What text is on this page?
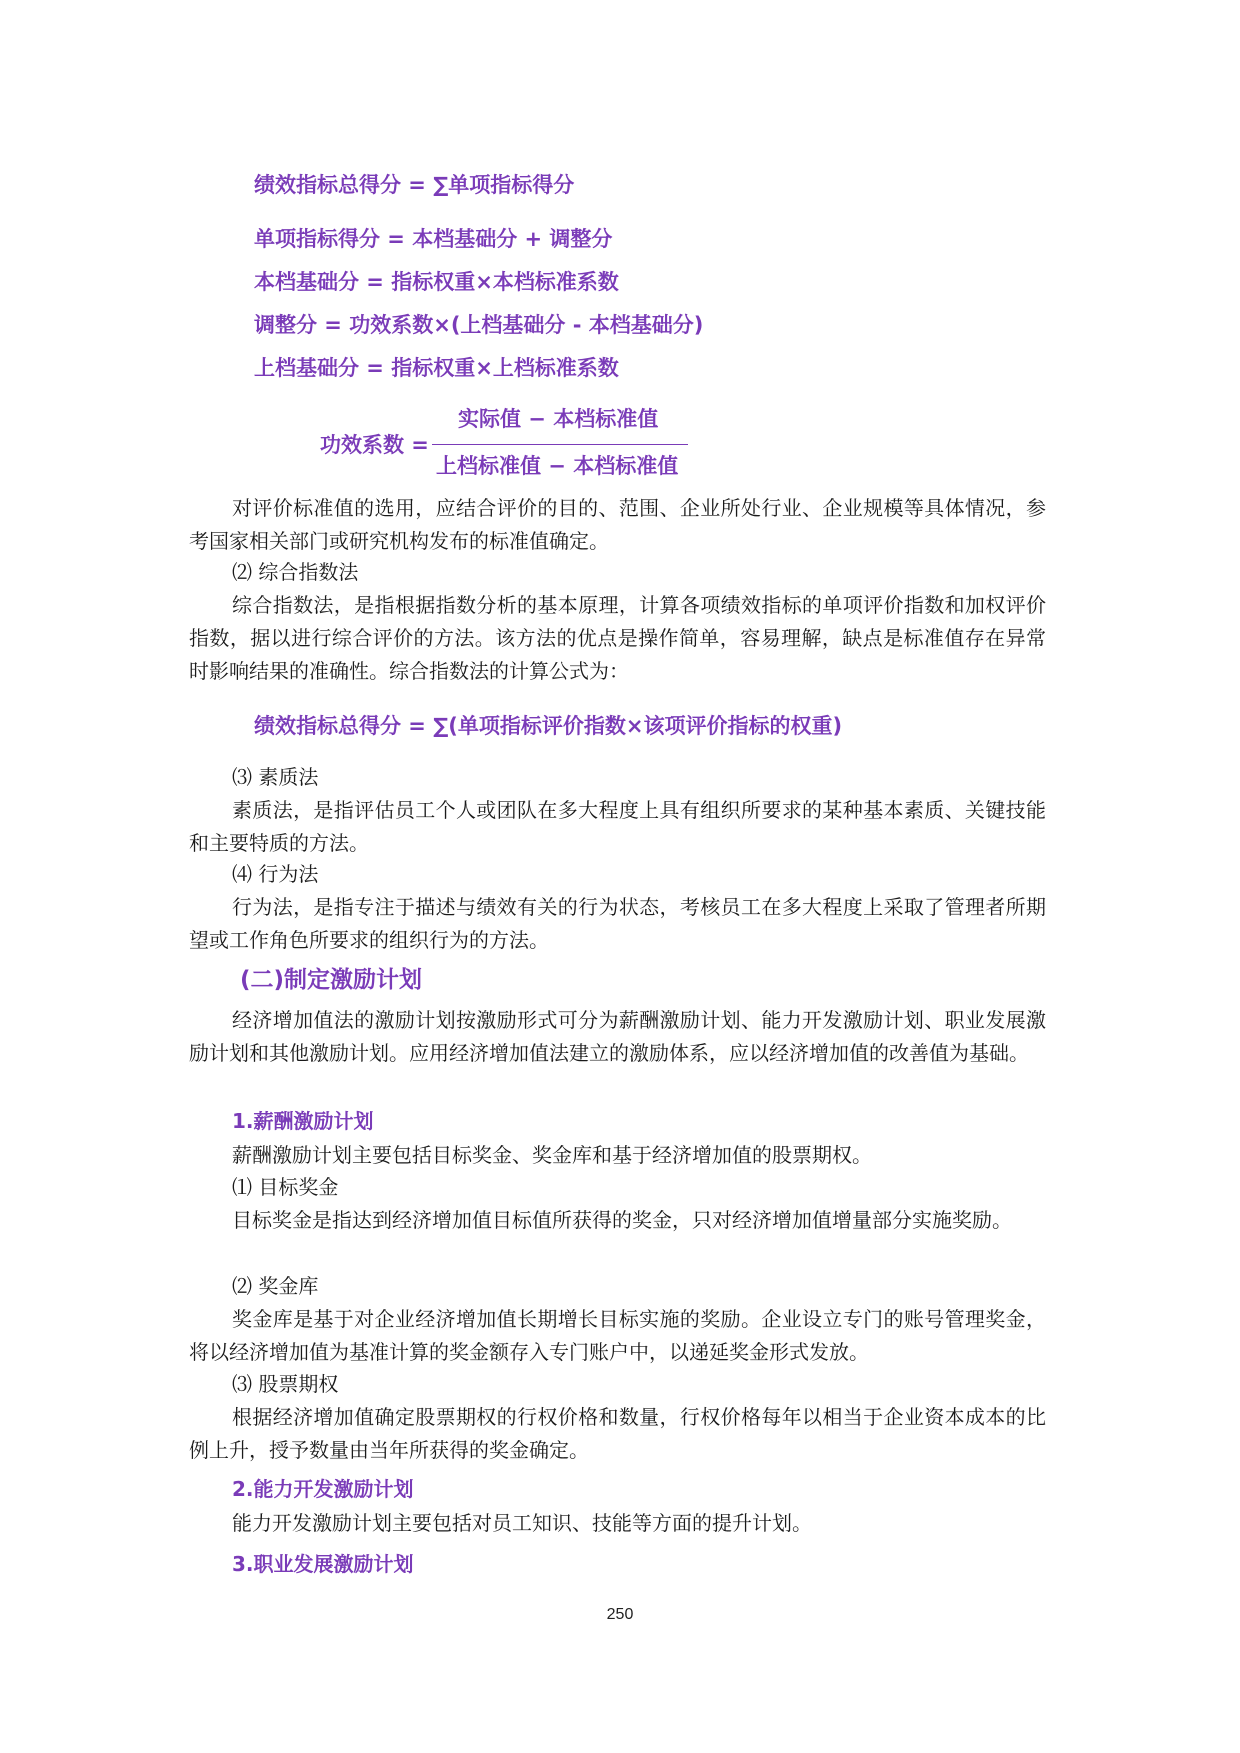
绩效指标总得分 = ∑单项指标得分
单项指标得分 = 本档基础分 + 调整分
本档基础分 = 指标权重×本档标准系数
调整分 = 功效系数×(上档基础分 - 本档基础分)
上档基础分 = 指标权重×上档标准系数
功效系数 =
实际值 − 本档标准值
上档标准值 − 本档标准值

对评价标准值的选用，应结合评价的目的、范围、企业所处行业、企业规模等具体情况，参考国家相关部门或研究机构发布的标准值确定。

⑵ 综合指数法

综合指数法，是指根据指数分析的基本原理，计算各项绩效指标的单项评价指数和加权评价指数，据以进行综合评价的方法。该方法的优点是操作简单，容易理解，缺点是标准值存在异常时影响结果的准确性。综合指数法的计算公式为：

绩效指标总得分 = ∑(单项指标评价指数×该项评价指标的权重)
⑶ 素质法

素质法，是指评估员工个人或团队在多大程度上具有组织所要求的某种基本素质、关键技能和主要特质的方法。

⑷ 行为法

行为法，是指专注于描述与绩效有关的行为状态，考核员工在多大程度上采取了管理者所期望或工作角色所要求的组织行为的方法。

(二)制定激励计划

经济增加值法的激励计划按激励形式可分为薪酬激励计划、能力开发激励计划、职业发展激励计划和其他激励计划。应用经济增加值法建立的激励体系，应以经济增加值的改善值为基础。

1.薪酬激励计划

薪酬激励计划主要包括目标奖金、奖金库和基于经济增加值的股票期权。

⑴ 目标奖金

目标奖金是指达到经济增加值目标值所获得的奖金，只对经济增加值增量部分实施奖励。

⑵ 奖金库

奖金库是基于对企业经济增加值长期增长目标实施的奖励。企业设立专门的账号管理奖金，将以经济增加值为基准计算的奖金额存入专门账户中，以递延奖金形式发放。

⑶ 股票期权

根据经济增加值确定股票期权的行权价格和数量，行权价格每年以相当于企业资本成本的比例上升，授予数量由当年所获得的奖金确定。

2.能力开发激励计划

能力开发激励计划主要包括对员工知识、技能等方面的提升计划。

3.职业发展激励计划
250
